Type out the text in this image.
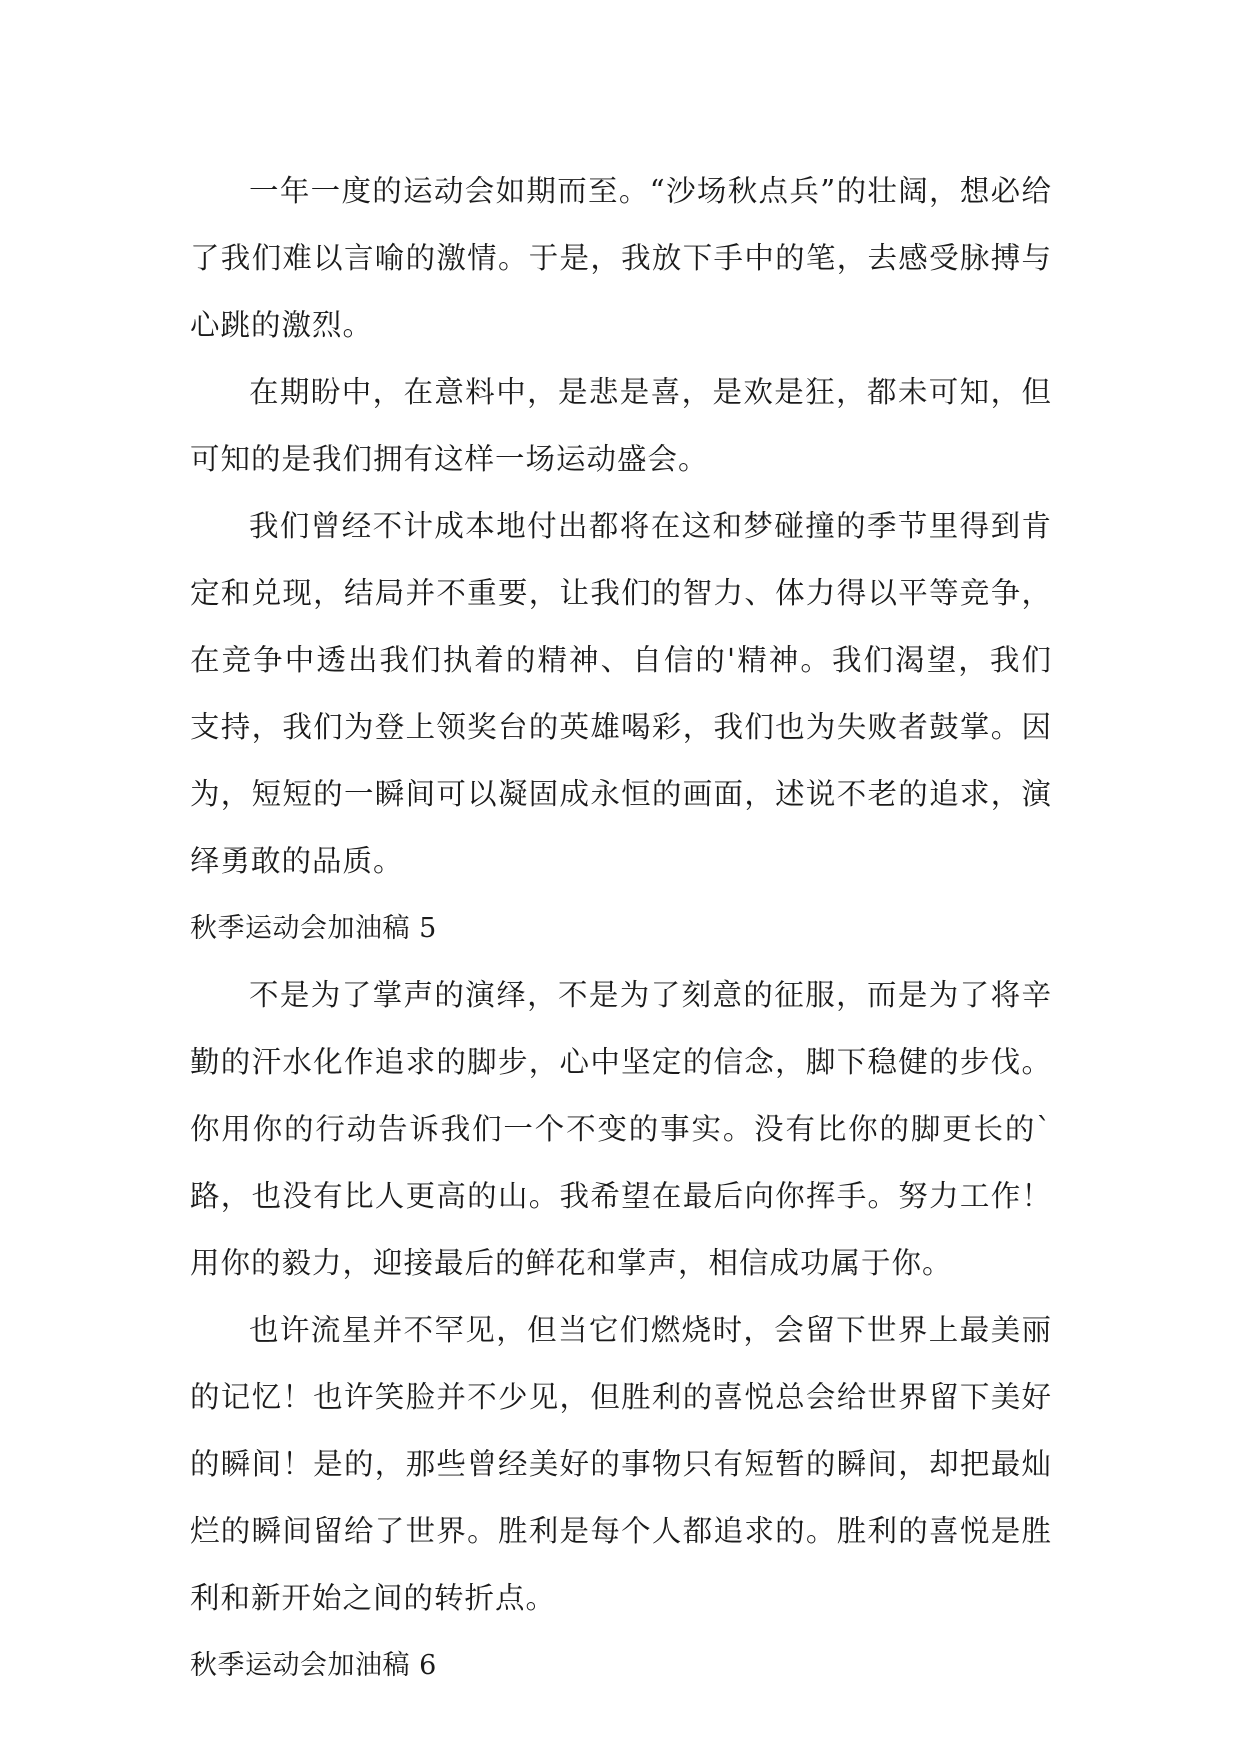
一年一度的运动会如期而至。“沙场秋点兵”的壮阔，想必给了我们难以言喻的激情。于是，我放下手中的笔，去感受脉搏与心跳的激烈。

在期盼中，在意料中，是悲是喜，是欢是狂，都未可知，但可知的是我们拥有这样一场运动盛会。

我们曾经不计成本地付出都将在这和梦碰撞的季节里得到肯定和兑现，结局并不重要，让我们的智力、体力得以平等竞争，在竞争中透出我们执着的精神、自信的'精神。我们渴望，我们支持，我们为登上领奖台的英雄喝彩，我们也为失败者鼓掌。因为，短短的一瞬间可以凝固成永恒的画面，述说不老的追求，演绎勇敢的品质。

秋季运动会加油稿 5

不是为了掌声的演绎，不是为了刻意的征服，而是为了将辛勤的汗水化作追求的脚步，心中坚定的信念，脚下稳健的步伐。你用你的行动告诉我们一个不变的事实。没有比你的脚更长的`路，也没有比人更高的山。我希望在最后向你挥手。努力工作！用你的毅力，迎接最后的鲜花和掌声，相信成功属于你。

也许流星并不罕见，但当它们燃烧时，会留下世界上最美丽的记忆！也许笑脸并不少见，但胜利的喜悦总会给世界留下美好的瞬间！是的，那些曾经美好的事物只有短暂的瞬间，却把最灿烂的瞬间留给了世界。胜利是每个人都追求的。胜利的喜悦是胜利和新开始之间的转折点。

秋季运动会加油稿 6
